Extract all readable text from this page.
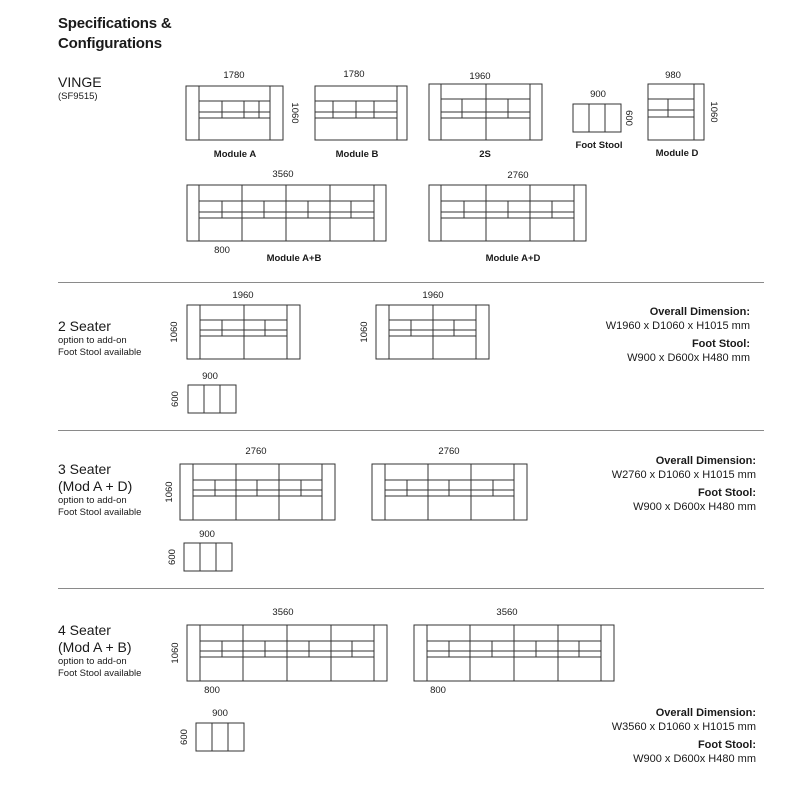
Specifications &
Configurations
VINGE
(SF9515)
2 Seater
option to add-on
Foot Stool available
Overall Dimension:
W1960 x D1060 x H1015 mm
Foot Stool:
W900 x D600x H480 mm
3 Seater
(Mod A + D)
option to add-on
Foot Stool available
Overall Dimension:
W2760 x D1060 x H1015 mm
Foot Stool:
W900 x D600x H480 mm
4 Seater
(Mod A + B)
option to add-on
Foot Stool available
Overall Dimension:
W3560 x D1060 x H1015 mm
Foot Stool:
W900 x D600x H480 mm
1780	1780	1960
900
980
3560	2760
800
1060	600	1060
1960	1960
1060	1060
900
600
2760	2760
1060
900
600
3560	3560
1060
800	800
900
600
Module A	Module B	2S
Foot Stool
Module D
Module A+B	Module A+D
